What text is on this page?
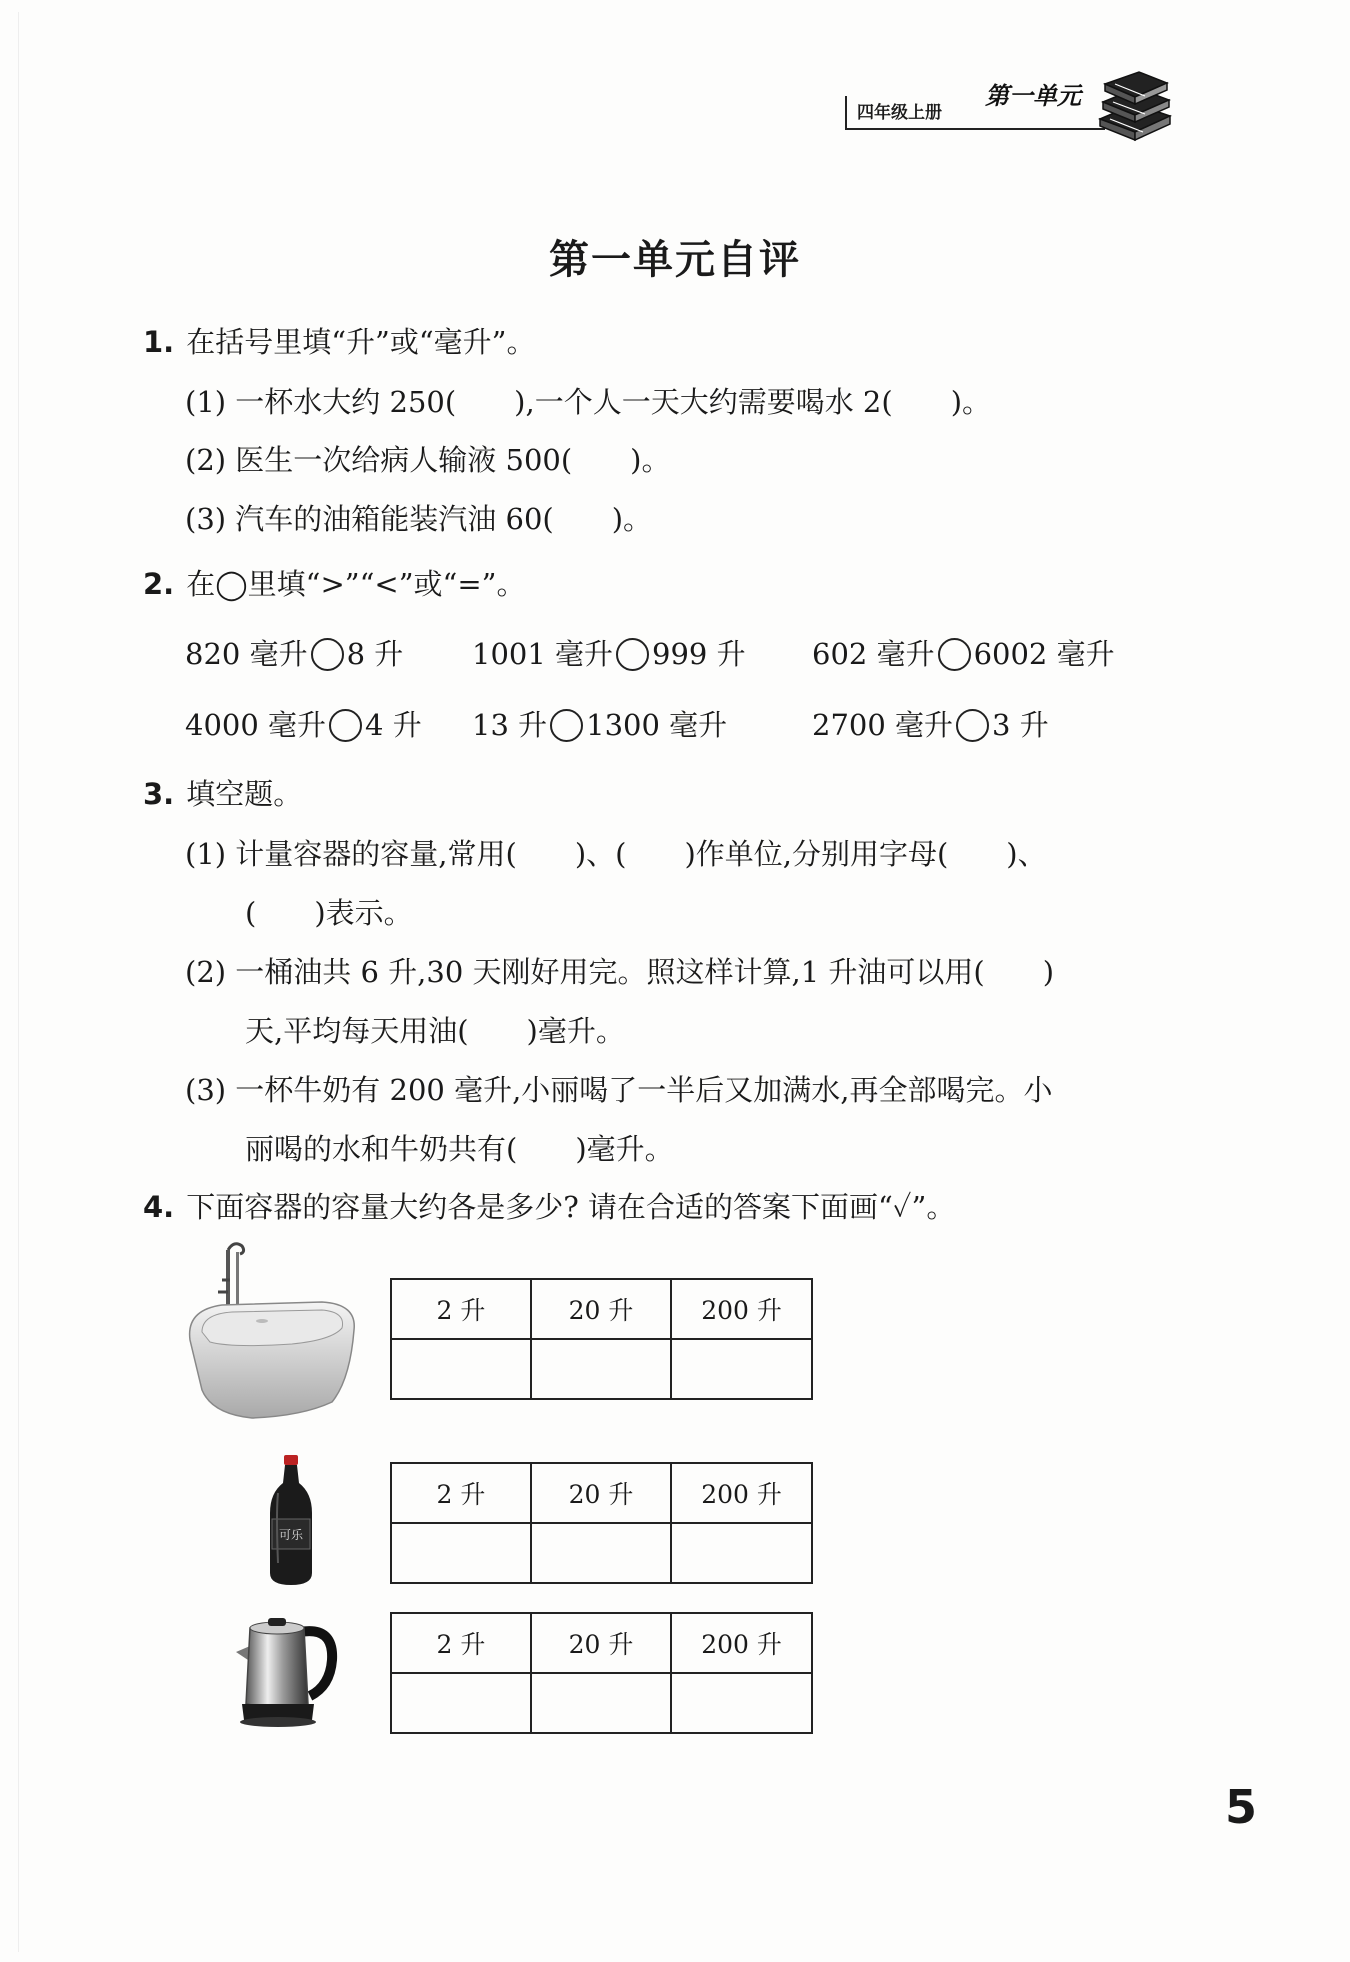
四年级上册
第一单元
第一单元自评
1. 在括号里填“升”或“毫升”。
(1) 一杯水大约 250(　　),一个人一天大约需要喝水 2(　　)。
(2) 医生一次给病人输液 500(　　)。
(3) 汽车的油箱能装汽油 60(　　)。
2. 在◯里填“>”“<”或“=”。
820 毫升 8 升 1001 毫升 999 升 602 毫升 6002 毫升
4000 毫升 4 升 13 升 1300 毫升	2700 毫升 3 升
3. 填空题。
(1) 计量容器的容量,常用(　　)、(　　)作单位,分别用字母(　　)、
(　　)表示。
(2) 一桶油共 6 升,30 天刚好用完。照这样计算,1 升油可以用(　　)
天,平均每天用油(　　)毫升。
(3) 一杯牛奶有 200 毫升,小丽喝了一半后又加满水,再全部喝完。小
丽喝的水和牛奶共有(　　)毫升。
4. 下面容器的容量大约各是多少? 请在合适的答案下面画“✓”。
2 升	20 升	200 升

可乐
2 升	20 升	200 升

2 升	20 升	200 升

5
